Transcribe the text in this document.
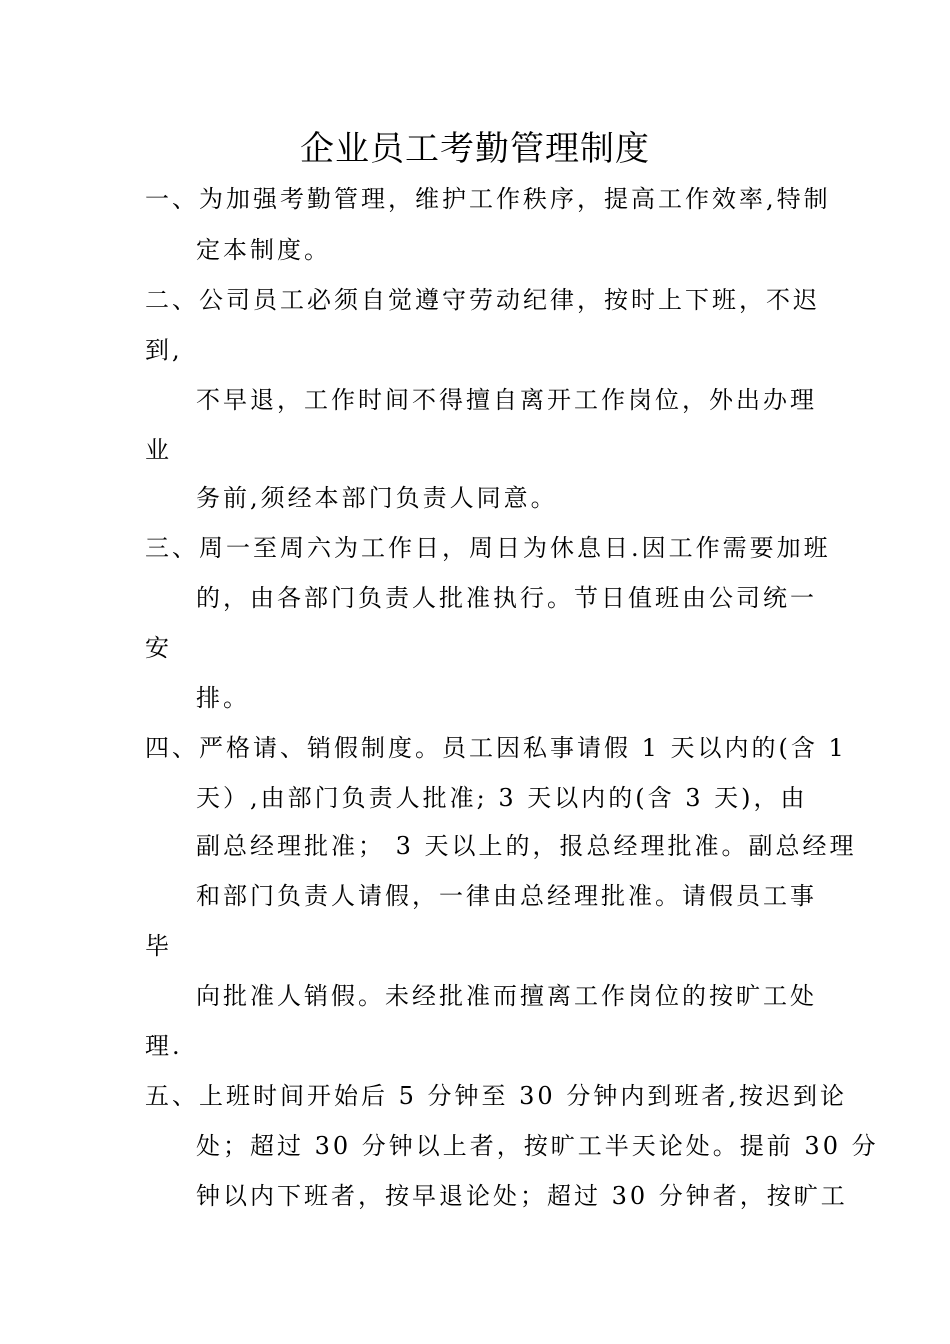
企业员工考勤管理制度
一、为加强考勤管理，维护工作秩序，提高工作效率,特制
定本制度。
二、公司员工必须自觉遵守劳动纪律，按时上下班，不迟
到,
不早退，工作时间不得擅自离开工作岗位，外出办理
业
务前,须经本部门负责人同意。
三、周一至周六为工作日，周日为休息日.因工作需要加班
的，由各部门负责人批准执行。节日值班由公司统一
安
排。
四、严格请、销假制度。员工因私事请假 1 天以内的(含 1
天）,由部门负责人批准; 3 天以内的(含 3 天)，由
副总经理批准； 3 天以上的，报总经理批准。副总经理
和部门负责人请假，一律由总经理批准。请假员工事
毕
向批准人销假。未经批准而擅离工作岗位的按旷工处
理.
五、上班时间开始后 5 分钟至 30 分钟内到班者,按迟到论
处；超过 30 分钟以上者，按旷工半天论处。提前 30 分
钟以内下班者，按早退论处；超过 30 分钟者，按旷工
